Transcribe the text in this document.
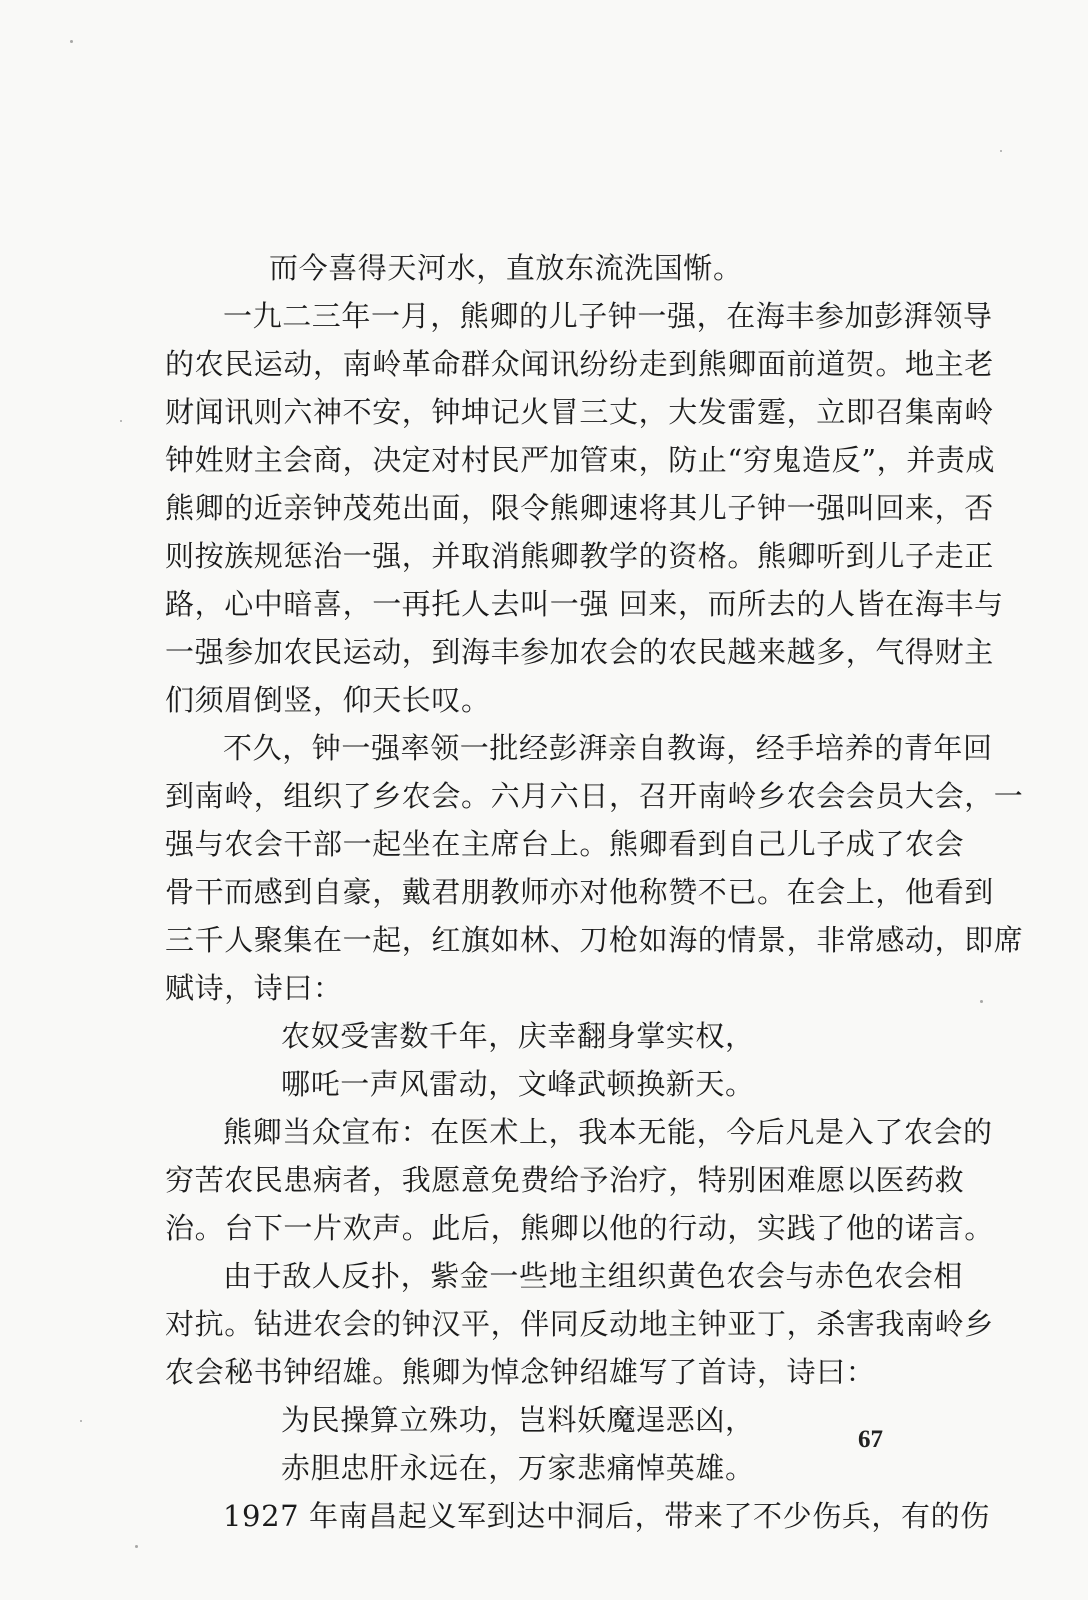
而今喜得天河水，直放东流洗国惭。
一九二三年一月，熊卿的儿子钟一强，在海丰参加彭湃领导
的农民运动，南岭革命群众闻讯纷纷走到熊卿面前道贺。地主老
财闻讯则六神不安，钟坤记火冒三丈，大发雷霆，立即召集南岭
钟姓财主会商，决定对村民严加管束，防止“穷鬼造反”，并责成
熊卿的近亲钟茂苑出面，限令熊卿速将其儿子钟一强叫回来，否
则按族规惩治一强，并取消熊卿教学的资格。熊卿听到儿子走正
路，心中暗喜，一再托人去叫一强 回来，而所去的人皆在海丰与
一强参加农民运动，到海丰参加农会的农民越来越多，气得财主
们须眉倒竖，仰天长叹。
不久，钟一强率领一批经彭湃亲自教诲，经手培养的青年回
到南岭，组织了乡农会。六月六日，召开南岭乡农会会员大会，一
强与农会干部一起坐在主席台上。熊卿看到自己儿子成了农会
骨干而感到自豪，戴君朋教师亦对他称赞不已。在会上，他看到
三千人聚集在一起，红旗如林、刀枪如海的情景，非常感动，即席
赋诗，诗曰：
农奴受害数千年，庆幸翻身掌实权，
哪吒一声风雷动，文峰武顿换新天。
熊卿当众宣布：在医术上，我本无能，今后凡是入了农会的
穷苦农民患病者，我愿意免费给予治疗，特别困难愿以医药救
治。台下一片欢声。此后，熊卿以他的行动，实践了他的诺言。
由于敌人反扑，紫金一些地主组织黄色农会与赤色农会相
对抗。钻进农会的钟汉平，伴同反动地主钟亚丁，杀害我南岭乡
农会秘书钟绍雄。熊卿为悼念钟绍雄写了首诗，诗曰：
为民操算立殊功，岂料妖魔逞恶凶，
赤胆忠肝永远在，万家悲痛悼英雄。
1927 年南昌起义军到达中洞后，带来了不少伤兵，有的伤
67
